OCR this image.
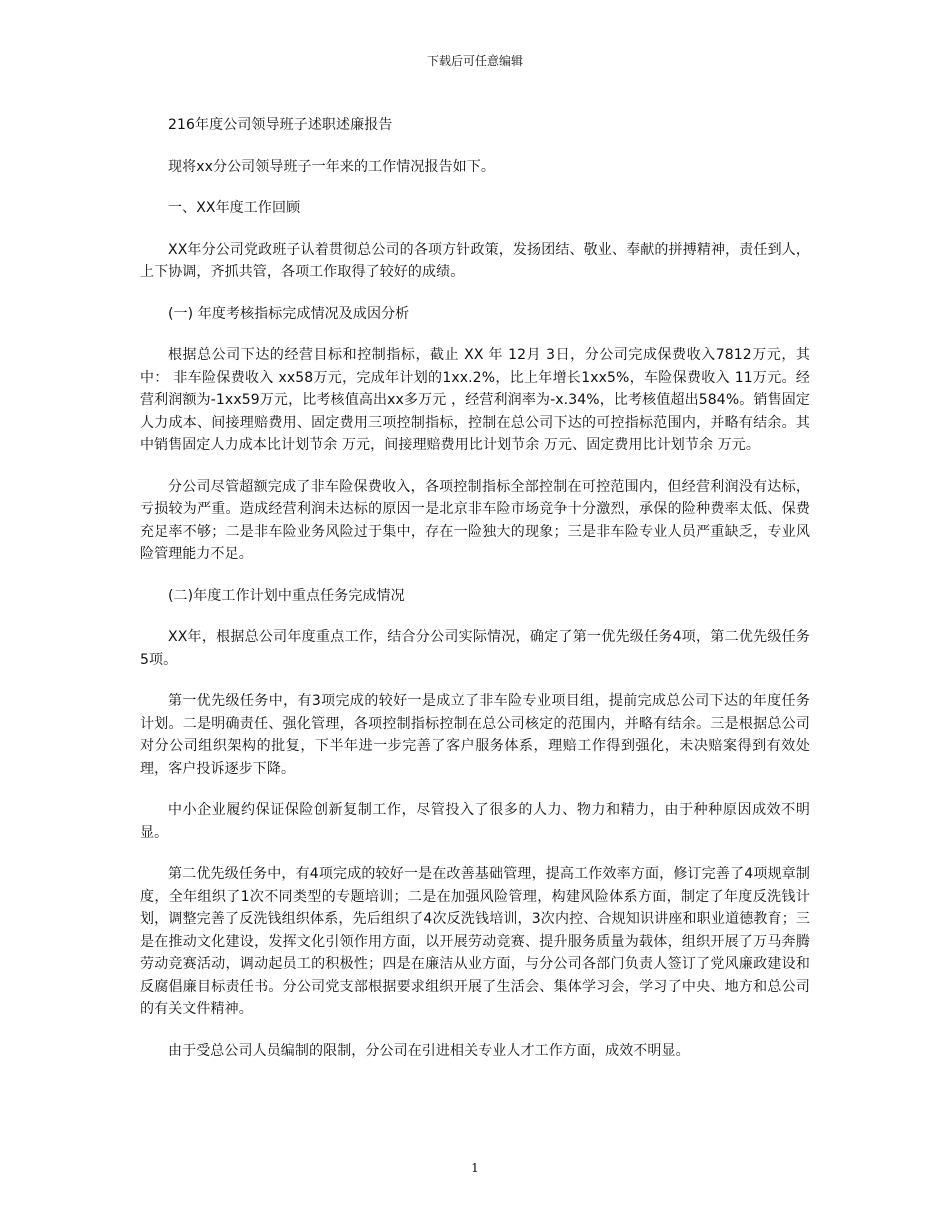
下载后可任意编辑

216年度公司领导班子述职述廉报告

现将xx分公司领导班子一年来的工作情况报告如下。

一、XX年度工作回顾

XX年分公司党政班子认着贯彻总公司的各项方针政策，发扬团结、敬业、奉献的拼搏精神，责任到人，上下协调，齐抓共管，各项工作取得了较好的成绩。

(一) 年度考核指标完成情况及成因分析

根据总公司下达的经营目标和控制指标，截止 XX 年 12月 3日，分公司完成保费收入7812万元，其中： 非车险保费收入 xx58万元，完成年计划的1xx.2%，比上年增长1xx5%，车险保费收入 11万元。经营利润额为-1xx59万元，比考核值高出xx多万元 ，经营利润率为-x.34%，比考核值超出584%。销售固定人力成本、间接理赔费用、固定费用三项控制指标，控制在总公司下达的可控指标范围内，并略有结余。其中销售固定人力成本比计划节余 万元，间接理赔费用比计划节余 万元、固定费用比计划节余 万元。

分公司尽管超额完成了非车险保费收入，各项控制指标全部控制在可控范围内，但经营利润没有达标，亏损较为严重。造成经营利润未达标的原因一是北京非车险市场竞争十分激烈，承保的险种费率太低、保费充足率不够；二是非车险业务风险过于集中，存在一险独大的现象；三是非车险专业人员严重缺乏，专业风险管理能力不足。

(二)年度工作计划中重点任务完成情况

XX年，根据总公司年度重点工作，结合分公司实际情况，确定了第一优先级任务4项，第二优先级任务5项。

第一优先级任务中，有3项完成的较好一是成立了非车险专业项目组，提前完成总公司下达的年度任务计划。二是明确责任、强化管理，各项控制指标控制在总公司核定的范围内，并略有结余。三是根据总公司对分公司组织架构的批复，下半年进一步完善了客户服务体系，理赔工作得到强化，未决赔案得到有效处理，客户投诉逐步下降。

中小企业履约保证保险创新复制工作，尽管投入了很多的人力、物力和精力，由于种种原因成效不明显。

第二优先级任务中，有4项完成的较好一是在改善基础管理，提高工作效率方面，修订完善了4项规章制度，全年组织了1次不同类型的专题培训；二是在加强风险管理，构建风险体系方面，制定了年度反洗钱计划，调整完善了反洗钱组织体系，先后组织了4次反洗钱培训，3次内控、合规知识讲座和职业道德教育；三是在推动文化建设，发挥文化引领作用方面，以开展劳动竞赛、提升服务质量为载体，组织开展了万马奔腾劳动竞赛活动，调动起员工的积极性；四是在廉洁从业方面，与分公司各部门负责人签订了党风廉政建设和反腐倡廉目标责任书。分公司党支部根据要求组织开展了生活会、集体学习会，学习了中央、地方和总公司的有关文件精神。

由于受总公司人员编制的限制，分公司在引进相关专业人才工作方面，成效不明显。

1
